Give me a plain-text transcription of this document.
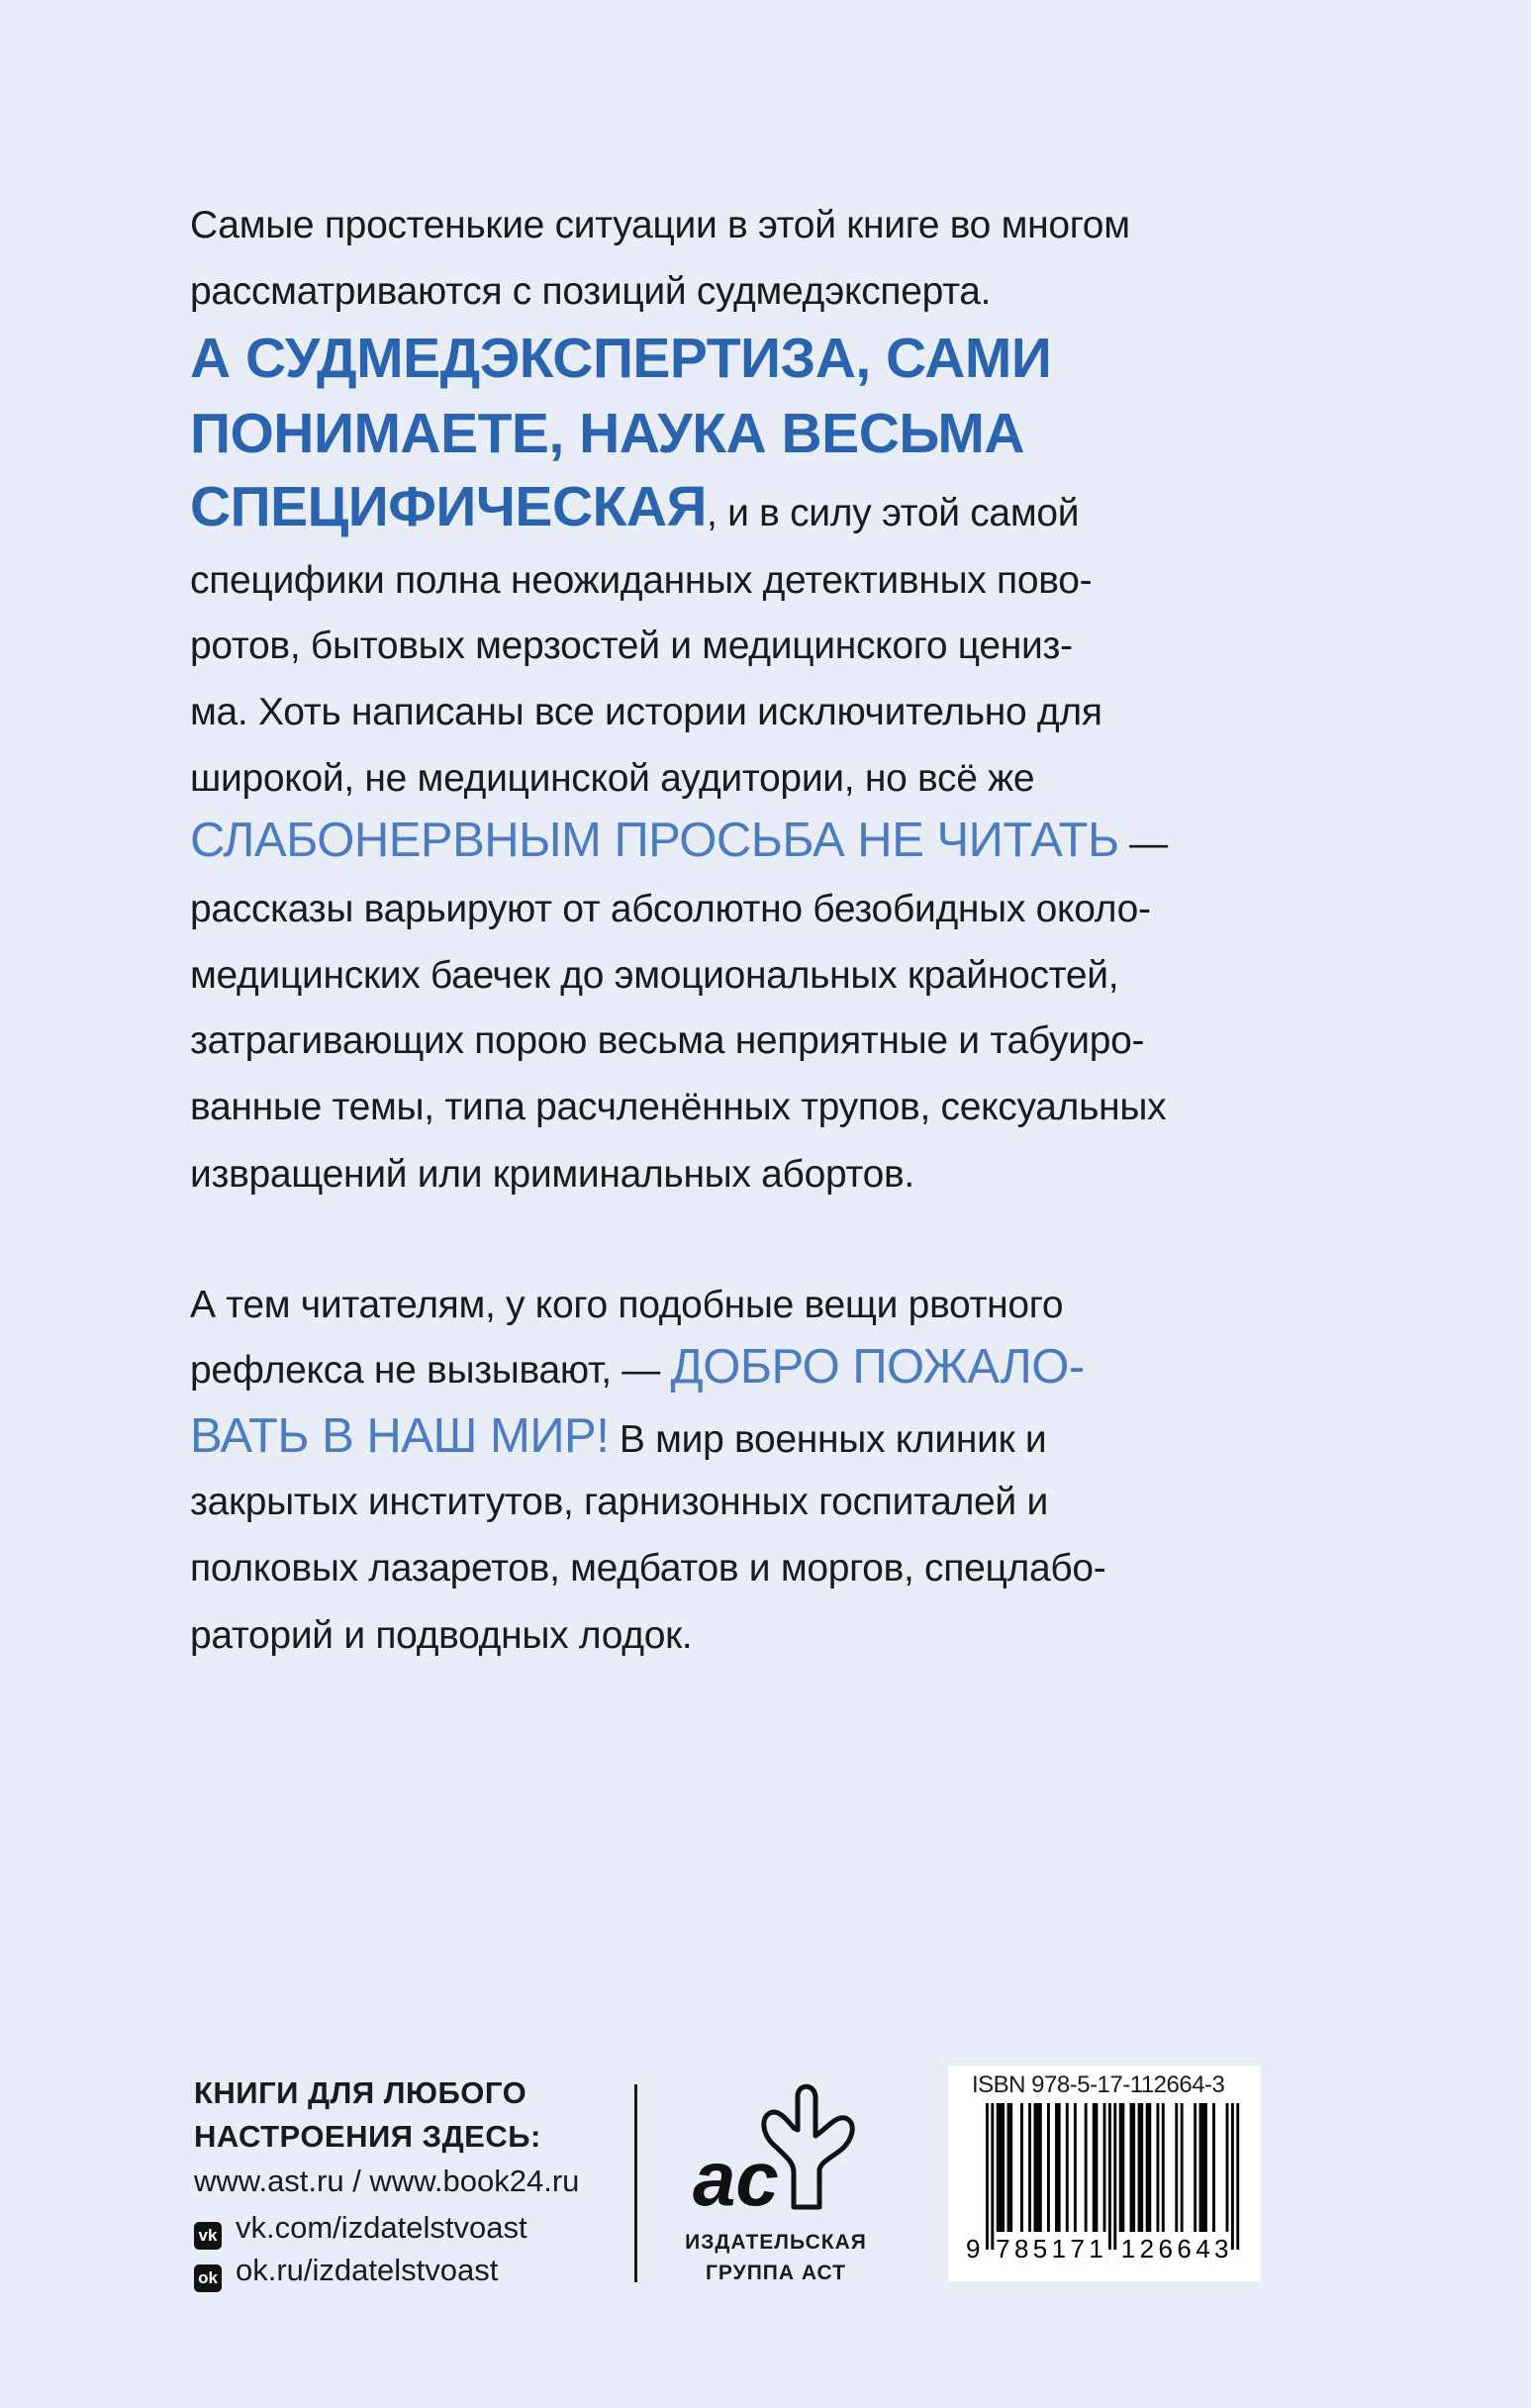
Самые простенькие ситуации в этой книге во многом
рассматриваются с позиций судмедэксперта.
А СУДМЕДЭКСПЕРТИЗА, САМИ
ПОНИМАЕТЕ, НАУКА ВЕСЬМА
СПЕЦИФИЧЕСКАЯ, и в силу этой самой
специфики полна неожиданных детективных пово-
ротов, бытовых мерзостей и медицинского цениз-
ма. Хоть написаны все истории исключительно для
широкой, не медицинской аудитории, но всё же
СЛАБОНЕРВНЫМ ПРОСЬБА НЕ ЧИТАТЬ —
рассказы варьируют от абсолютно безобидных около-
медицинских баечек до эмоциональных крайностей,
затрагивающих порою весьма неприятные и табуиро-
ванные темы, типа расчленённых трупов, сексуальных
извращений или криминальных абортов.
А тем читателям, у кого подобные вещи рвотного
рефлекса не вызывают, — ДОБРО ПОЖАЛО-
ВАТЬ В НАШ МИР! В мир военных клиник и
закрытых институтов, гарнизонных госпиталей и
полковых лазаретов, медбатов и моргов, спецлабо-
раторий и подводных лодок.
КНИГИ ДЛЯ ЛЮБОГО
НАСТРОЕНИЯ ЗДЕСЬ:
www.ast.ru / www.book24.ru
vk vk.com/izdatelstvoast
ok ok.ru/izdatelstvoast
ас
ИЗДАТЕЛЬСКАЯ
ГРУППА АСТ
ISBN 978-5-17-112664-3
9 7 8 5 1 7 1 1 2 6 6 4 3
